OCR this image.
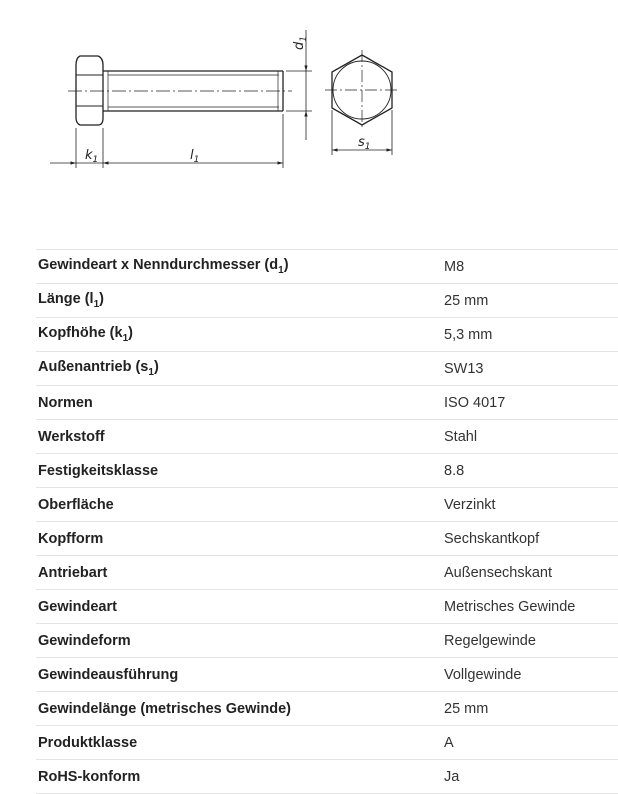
$k_1$	$l_1$
$d_1$
$s_1$
Gewindeart x Nenndurchmesser $(d_1)$	M8
Länge $(l_1)$	25 mm
Kopfhöhe $(k_1)$	5,3 mm
Außenantrieb $(s_1)$	SW13
Normen	ISO 4017
Werkstoff	Stahl
Festigkeitsklasse	8.8
Oberfläche	Verzinkt
Kopfform	Sechskantkopf
Antriebart	Außensechskant
Gewindeart	Metrisches Gewinde
Gewindeform	Regelgewinde
Gewindeausführung	Vollgewinde
Gewindelänge (metrisches Gewinde)	25 mm
Produktklasse	A
RoHS-konform	Ja
